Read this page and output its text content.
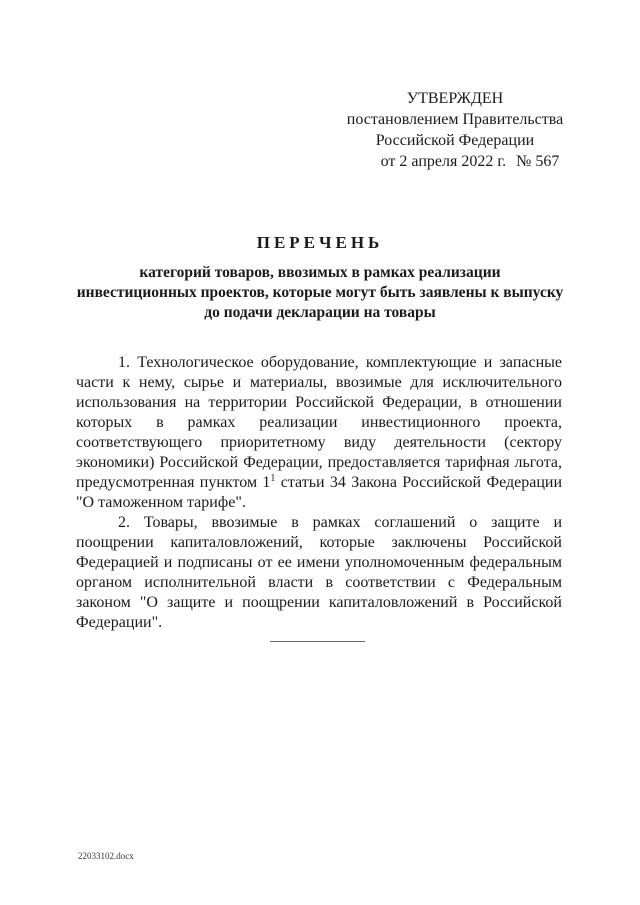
УТВЕРЖДЕН
постановлением Правительства
Российской Федерации
от 2 апреля 2022 г. № 567
ПЕРЕЧЕНЬ
категорий товаров, ввозимых в рамках реализации
инвестиционных проектов, которые могут быть заявлены к выпуску
до подачи декларации на товары

1. Технологическое оборудование, комплектующие и запасные части к нему, сырье и материалы, ввозимые для исключительного использования на территории Российской Федерации, в отношении которых в рамках реализации инвестиционного проекта, соответствующего приоритетному виду деятельности (сектору экономики) Российской Федерации, предоставляется тарифная льгота, предусмотренная пунктом $1^1$ статьи 34 Закона Российской Федерации "О таможенном тарифе".

2. Товары, ввозимые в рамках соглашений о защите и поощрении капиталовложений, которые заключены Российской Федерацией и подписаны от ее имени уполномоченным федеральным органом исполнительной власти в соответствии с Федеральным законом "О защите и поощрении капиталовложений в Российской Федерации".

22033102.docx
